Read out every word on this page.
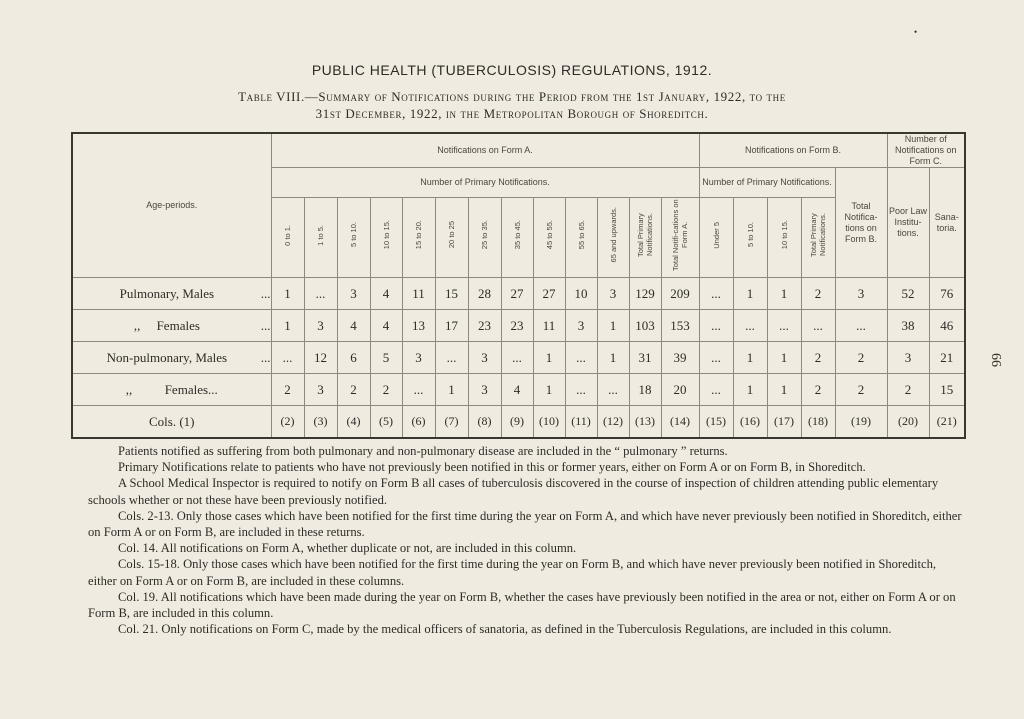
•
PUBLIC HEALTH (TUBERCULOSIS) REGULATIONS, 1912.
Table VIII.—Summary of Notifications during the Period from the 1st January, 1922, to the
31st December, 1922, in the Metropolitan Borough of Shoreditch.
66
Age-periods.	Notifications on Form A.													Notifications on Form B.					Number of Notifications on Form C.	
	Number of Primary Notifications.													Number of Primary Notifications.				Total Notifica-tions on Form B.	Poor Law Institu-tions.	Sana-toria.
	0 to 1.	1 to 5.	5 to 10.	10 to 15.	15 to 20.	20 to 25	25 to 35.	35 to 45.	45 to 55.	55 to 65.	65 and upwards.	Total Primary Notifications.	Total Notifi-cations on Form A.	Under 5	5 to 10.	10 to 15.	Total Primary Notifications.			
Pulmonary, Males ...	1	...	3	4	11	15	28	27	27	10	3	129	209	...	1	1	2	3	52	76
,,     Females ...	1	3	4	4	13	17	23	23	11	3	1	103	153	...	...	...	...	...	38	46
Non-pulmonary, Males ...	...	12	6	5	3	...	3	...	1	...	1	31	39	...	1	1	2	2	3	21
,,          Females...	2	3	2	2	...	1	3	4	1	...	...	18	20	...	1	1	2	2	2	15
Cols. (1)	(2)	(3)	(4)	(5)	(6)	(7)	(8)	(9)	(10)	(11)	(12)	(13)	(14)	(15)	(16)	(17)	(18)	(19)	(20)	(21)

Patients notified as suffering from both pulmonary and non-pulmonary disease are included in the “ pulmonary ” returns.

Primary Notifications relate to patients who have not previously been notified in this or former years, either on Form A or on Form B, in Shoreditch.

A School Medical Inspector is required to notify on Form B all cases of tuberculosis discovered in the course of inspection of children attending public elementary schools whether or not these have been previously notified.

Cols. 2-13. Only those cases which have been notified for the first time during the year on Form A, and which have never previously been notified in Shoreditch, either on Form A or on Form B, are included in these returns.

Col. 14. All notifications on Form A, whether duplicate or not, are included in this column.

Cols. 15-18. Only those cases which have been notified for the first time during the year on Form B, and which have never previously been notified in Shoreditch, either on Form A or on Form B, are included in these columns.

Col. 19. All notifications which have been made during the year on Form B, whether the cases have previously been notified in the area or not, either on Form A or on Form B, are included in this column.

Col. 21. Only notifications on Form C, made by the medical officers of sanatoria, as defined in the Tuberculosis Regulations, are included in this column.
